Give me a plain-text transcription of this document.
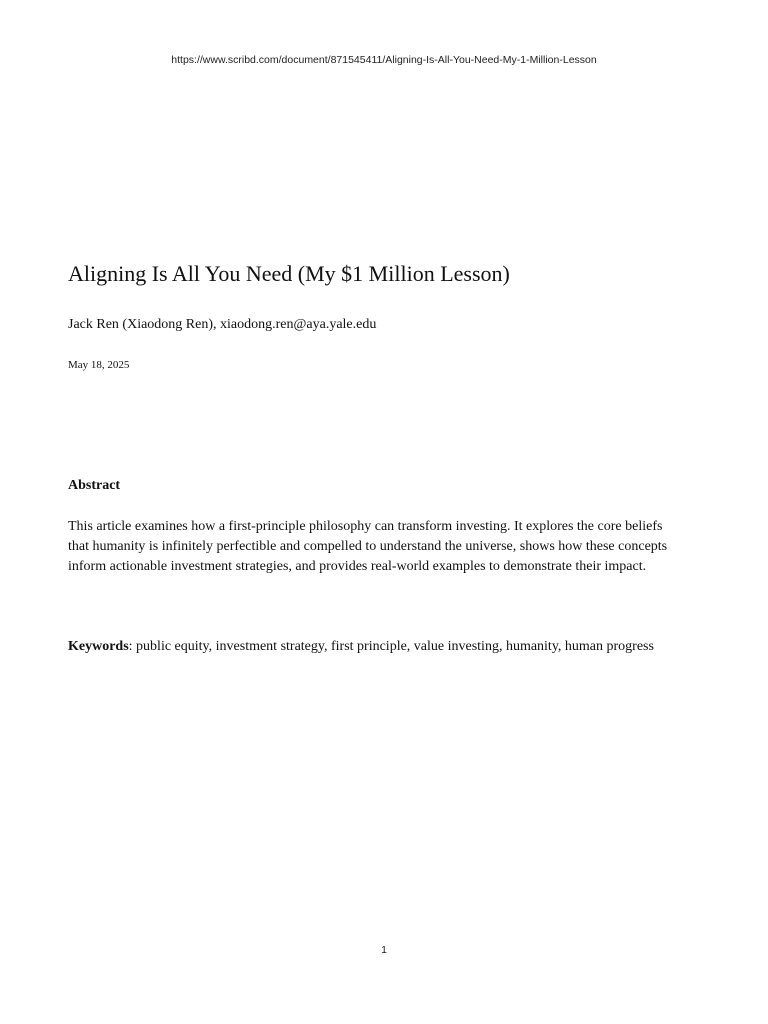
https://www.scribd.com/document/871545411/Aligning-Is-All-You-Need-My-1-Million-Lesson
Aligning Is All You Need (My $1 Million Lesson)
Jack Ren (Xiaodong Ren), xiaodong.ren@aya.yale.edu
May 18, 2025
Abstract

This article examines how a first-principle philosophy can transform investing. It explores the core beliefs
that humanity is infinitely perfectible and compelled to understand the universe, shows how these concepts
inform actionable investment strategies, and provides real-world examples to demonstrate their impact.

Keywords: public equity, investment strategy, first principle, value investing, humanity, human progress
1
